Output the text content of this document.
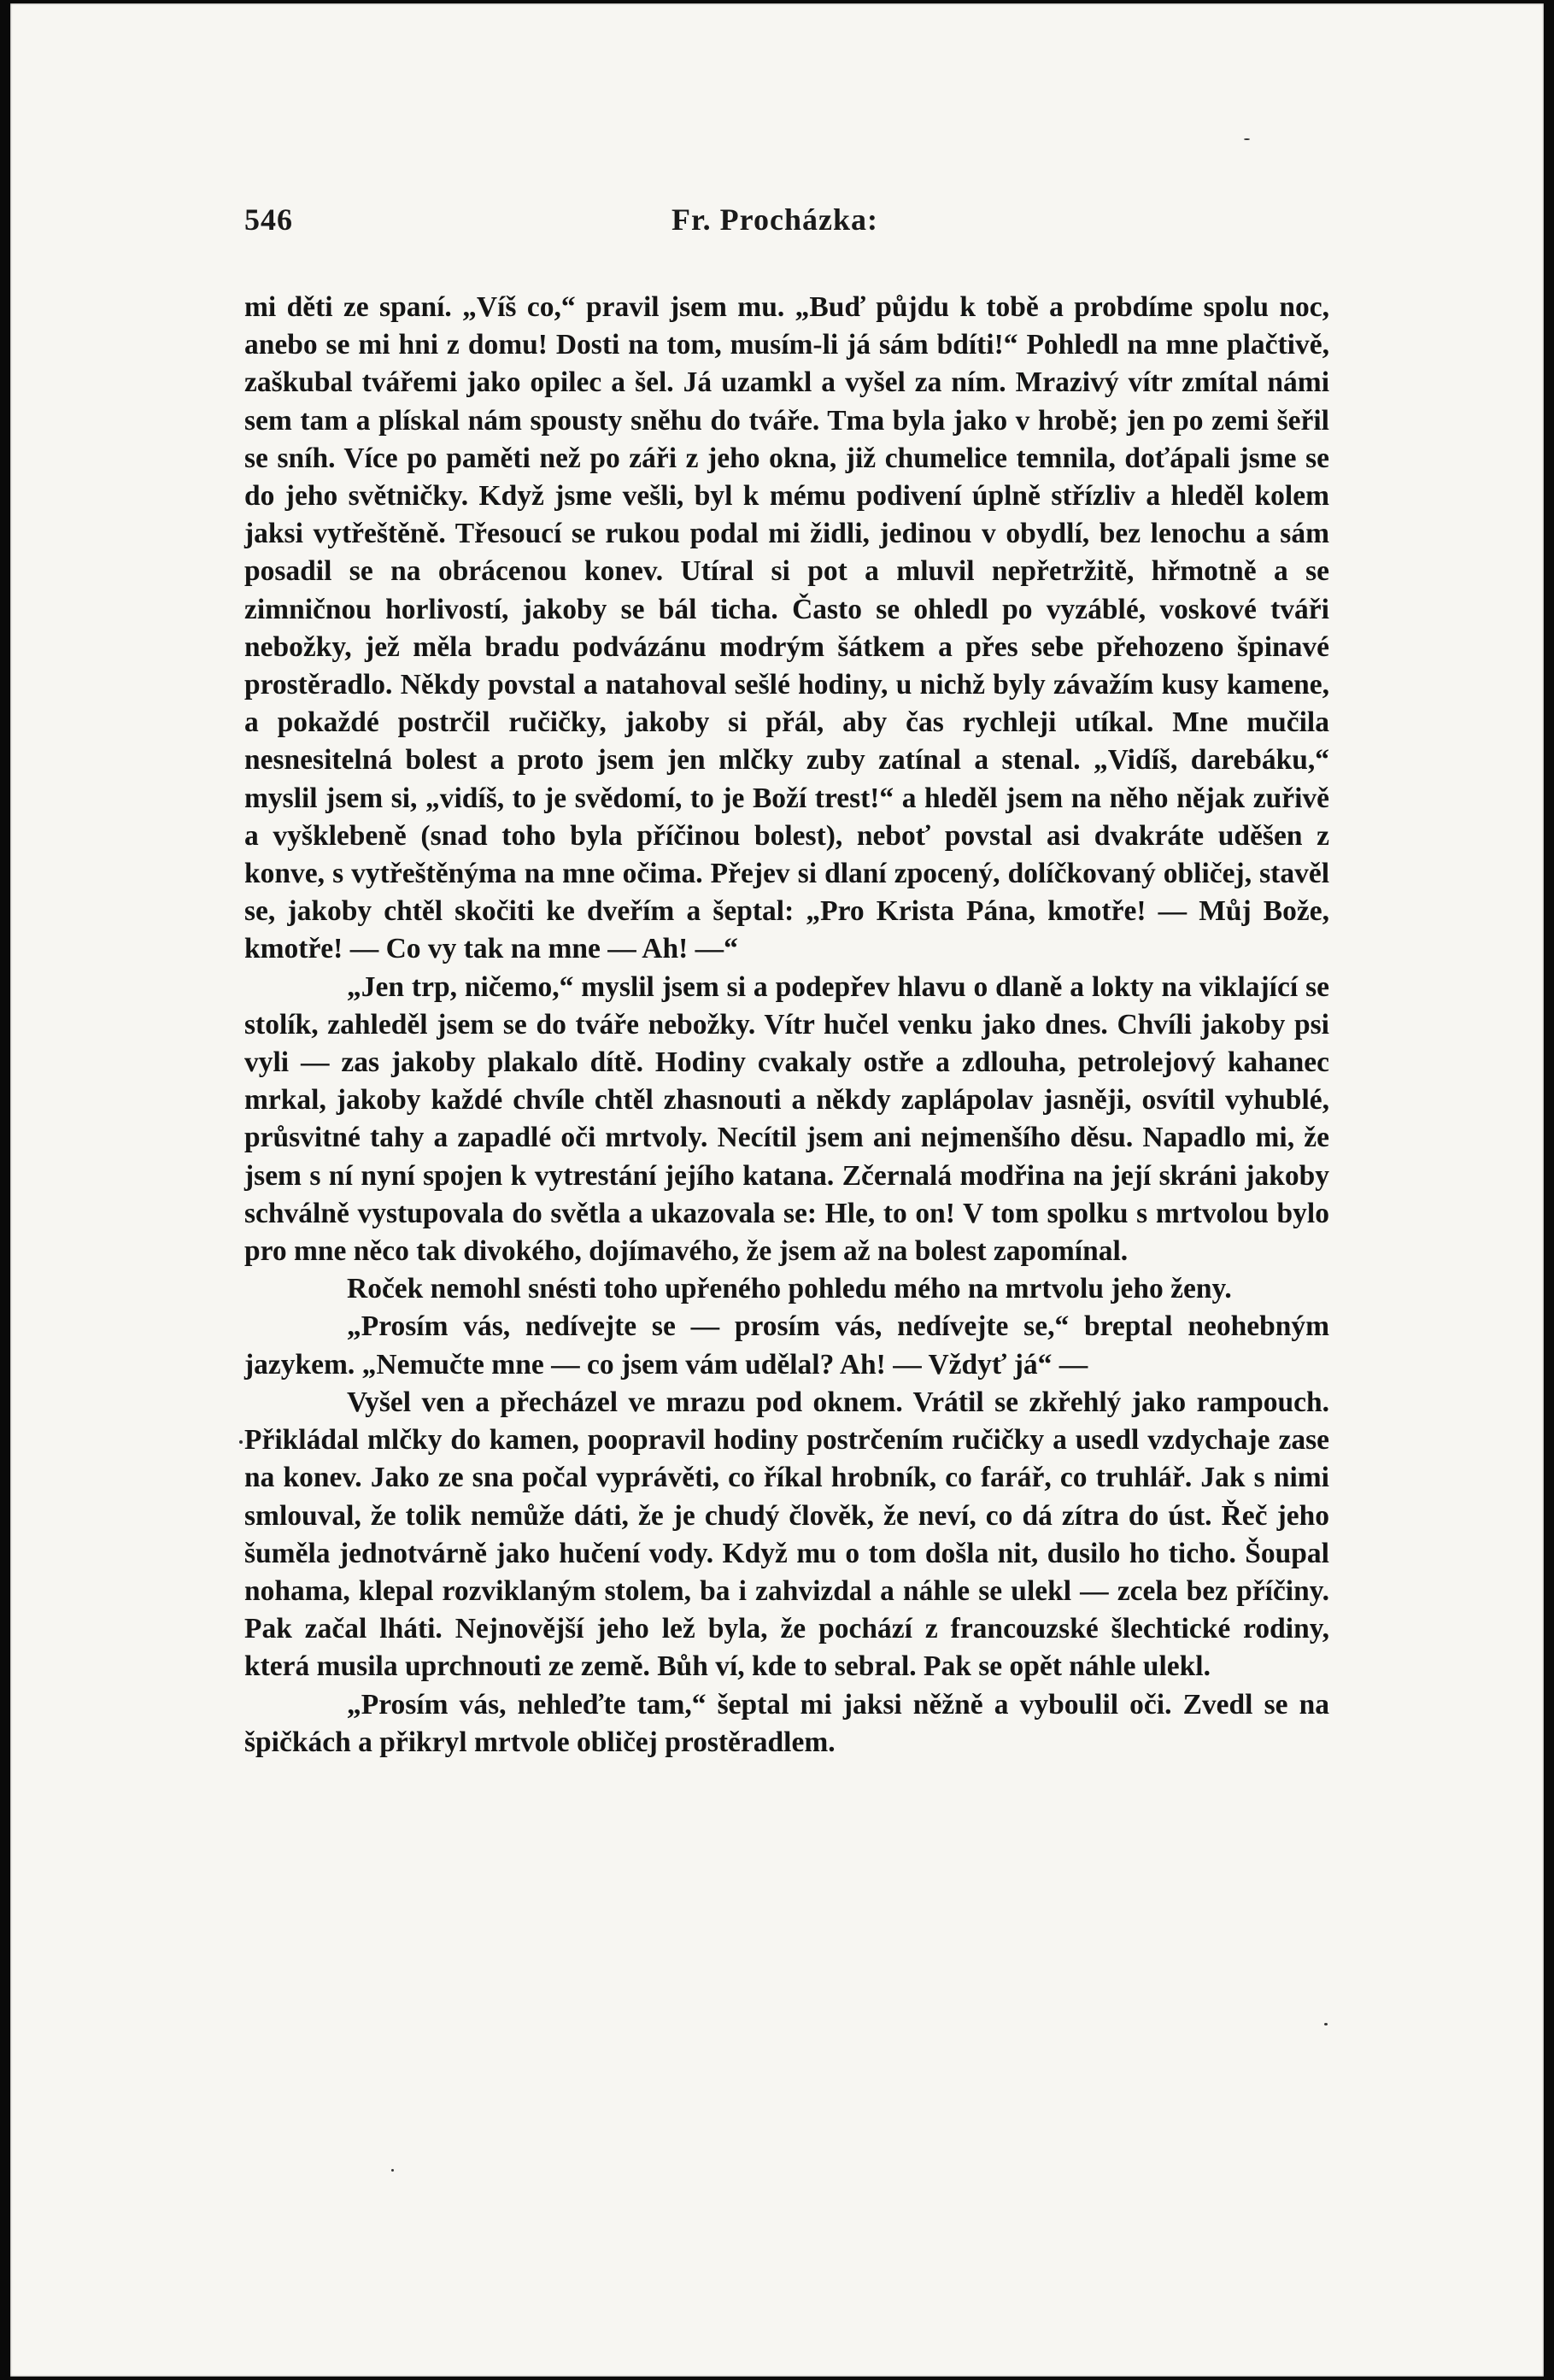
546	Fr. Procházka:

mi děti ze spaní. „Víš co,“ pravil jsem mu. „Buď půjdu k tobě a probdíme spolu noc, anebo se mi hni z domu! Dosti na tom, musím-li já sám bdíti!“ Pohledl na mne plačtivě, zaškubal tvářemi jako opilec a šel. Já uzamkl a vyšel za ním. Mrazivý vítr zmítal námi sem tam a plískal nám spousty sněhu do tváře. Tma byla jako v hrobě; jen po zemi šeřil se sníh. Více po paměti než po záři z jeho okna, již chumelice temnila, doťápali jsme se do jeho světničky. Když jsme vešli, byl k mému podivení úplně střízliv a hleděl kolem jaksi vytřeštěně. Třesoucí se rukou podal mi židli, jedinou v obydlí, bez lenochu a sám posadil se na obrácenou konev. Utíral si pot a mluvil nepřetržitě, hřmotně a se zimničnou horlivostí, jakoby se bál ticha. Často se ohledl po vyzáblé, voskové tváři nebožky, jež měla bradu podvázánu modrým šátkem a přes sebe přehozeno špinavé prostěradlo. Někdy povstal a natahoval sešlé hodiny, u nichž byly závažím kusy kamene, a pokaždé postrčil ručičky, jakoby si přál, aby čas rychleji utíkal. Mne mučila nesnesitelná bolest a proto jsem jen mlčky zuby zatínal a stenal. „Vidíš, darebáku,“ myslil jsem si, „vidíš, to je svědomí, to je Boží trest!“ a hleděl jsem na něho nějak zuřivě a vyšklebeně (snad toho byla příčinou bolest), neboť povstal asi dvakráte uděšen z konve, s vytřeštěnýma na mne očima. Přejev si dlaní zpocený, dolíčkovaný obličej, stavěl se, jakoby chtěl skočiti ke dveřím a šeptal: „Pro Krista Pána, kmotře! — Můj Bože, kmotře! — Co vy tak na mne — Ah! —“

„Jen trp, ničemo,“ myslil jsem si a podepřev hlavu o dlaně a lokty na viklající se stolík, zahleděl jsem se do tváře nebožky. Vítr hučel venku jako dnes. Chvíli jakoby psi vyli — zas jakoby plakalo dítě. Hodiny cvakaly ostře a zdlouha, petrolejový kahanec mrkal, jakoby každé chvíle chtěl zhasnouti a někdy zaplápolav jasněji, osvítil vyhublé, průsvitné tahy a zapadlé oči mrtvoly. Necítil jsem ani nejmenšího děsu. Napadlo mi, že jsem s ní nyní spojen k vytrestání jejího katana. Zčernalá modřina na její skráni jakoby schválně vystupovala do světla a ukazovala se: Hle, to on! V tom spolku s mrtvolou bylo pro mne něco tak divokého, dojímavého, že jsem až na bolest zapomínal.

Roček nemohl snésti toho upřeného pohledu mého na mrtvolu jeho ženy.

„Prosím vás, nedívejte se — prosím vás, nedívejte se,“ breptal neohebným jazykem. „Nemučte mne — co jsem vám udělal? Ah! — Vždyť já“ —

Vyšel ven a přecházel ve mrazu pod oknem. Vrátil se zkřehlý jako rampouch. Přikládal mlčky do kamen, poopravil hodiny postrčením ručičky a usedl vzdychaje zase na konev. Jako ze sna počal vyprávěti, co říkal hrobník, co farář, co truhlář. Jak s nimi smlouval, že tolik nemůže dáti, že je chudý člověk, že neví, co dá zítra do úst. Řeč jeho šuměla jednotvárně jako hučení vody. Když mu o tom došla nit, dusilo ho ticho. Šoupal nohama, klepal rozviklaným stolem, ba i zahvizdal a náhle se ulekl — zcela bez příčiny. Pak začal lháti. Nejnovější jeho lež byla, že pochází z francouzské šlechtické rodiny, která musila uprchnouti ze země. Bůh ví, kde to sebral. Pak se opět náhle ulekl.

„Prosím vás, nehleďte tam,“ šeptal mi jaksi něžně a vyboulil oči. Zvedl se na špičkách a přikryl mrtvole obličej prostěradlem.
